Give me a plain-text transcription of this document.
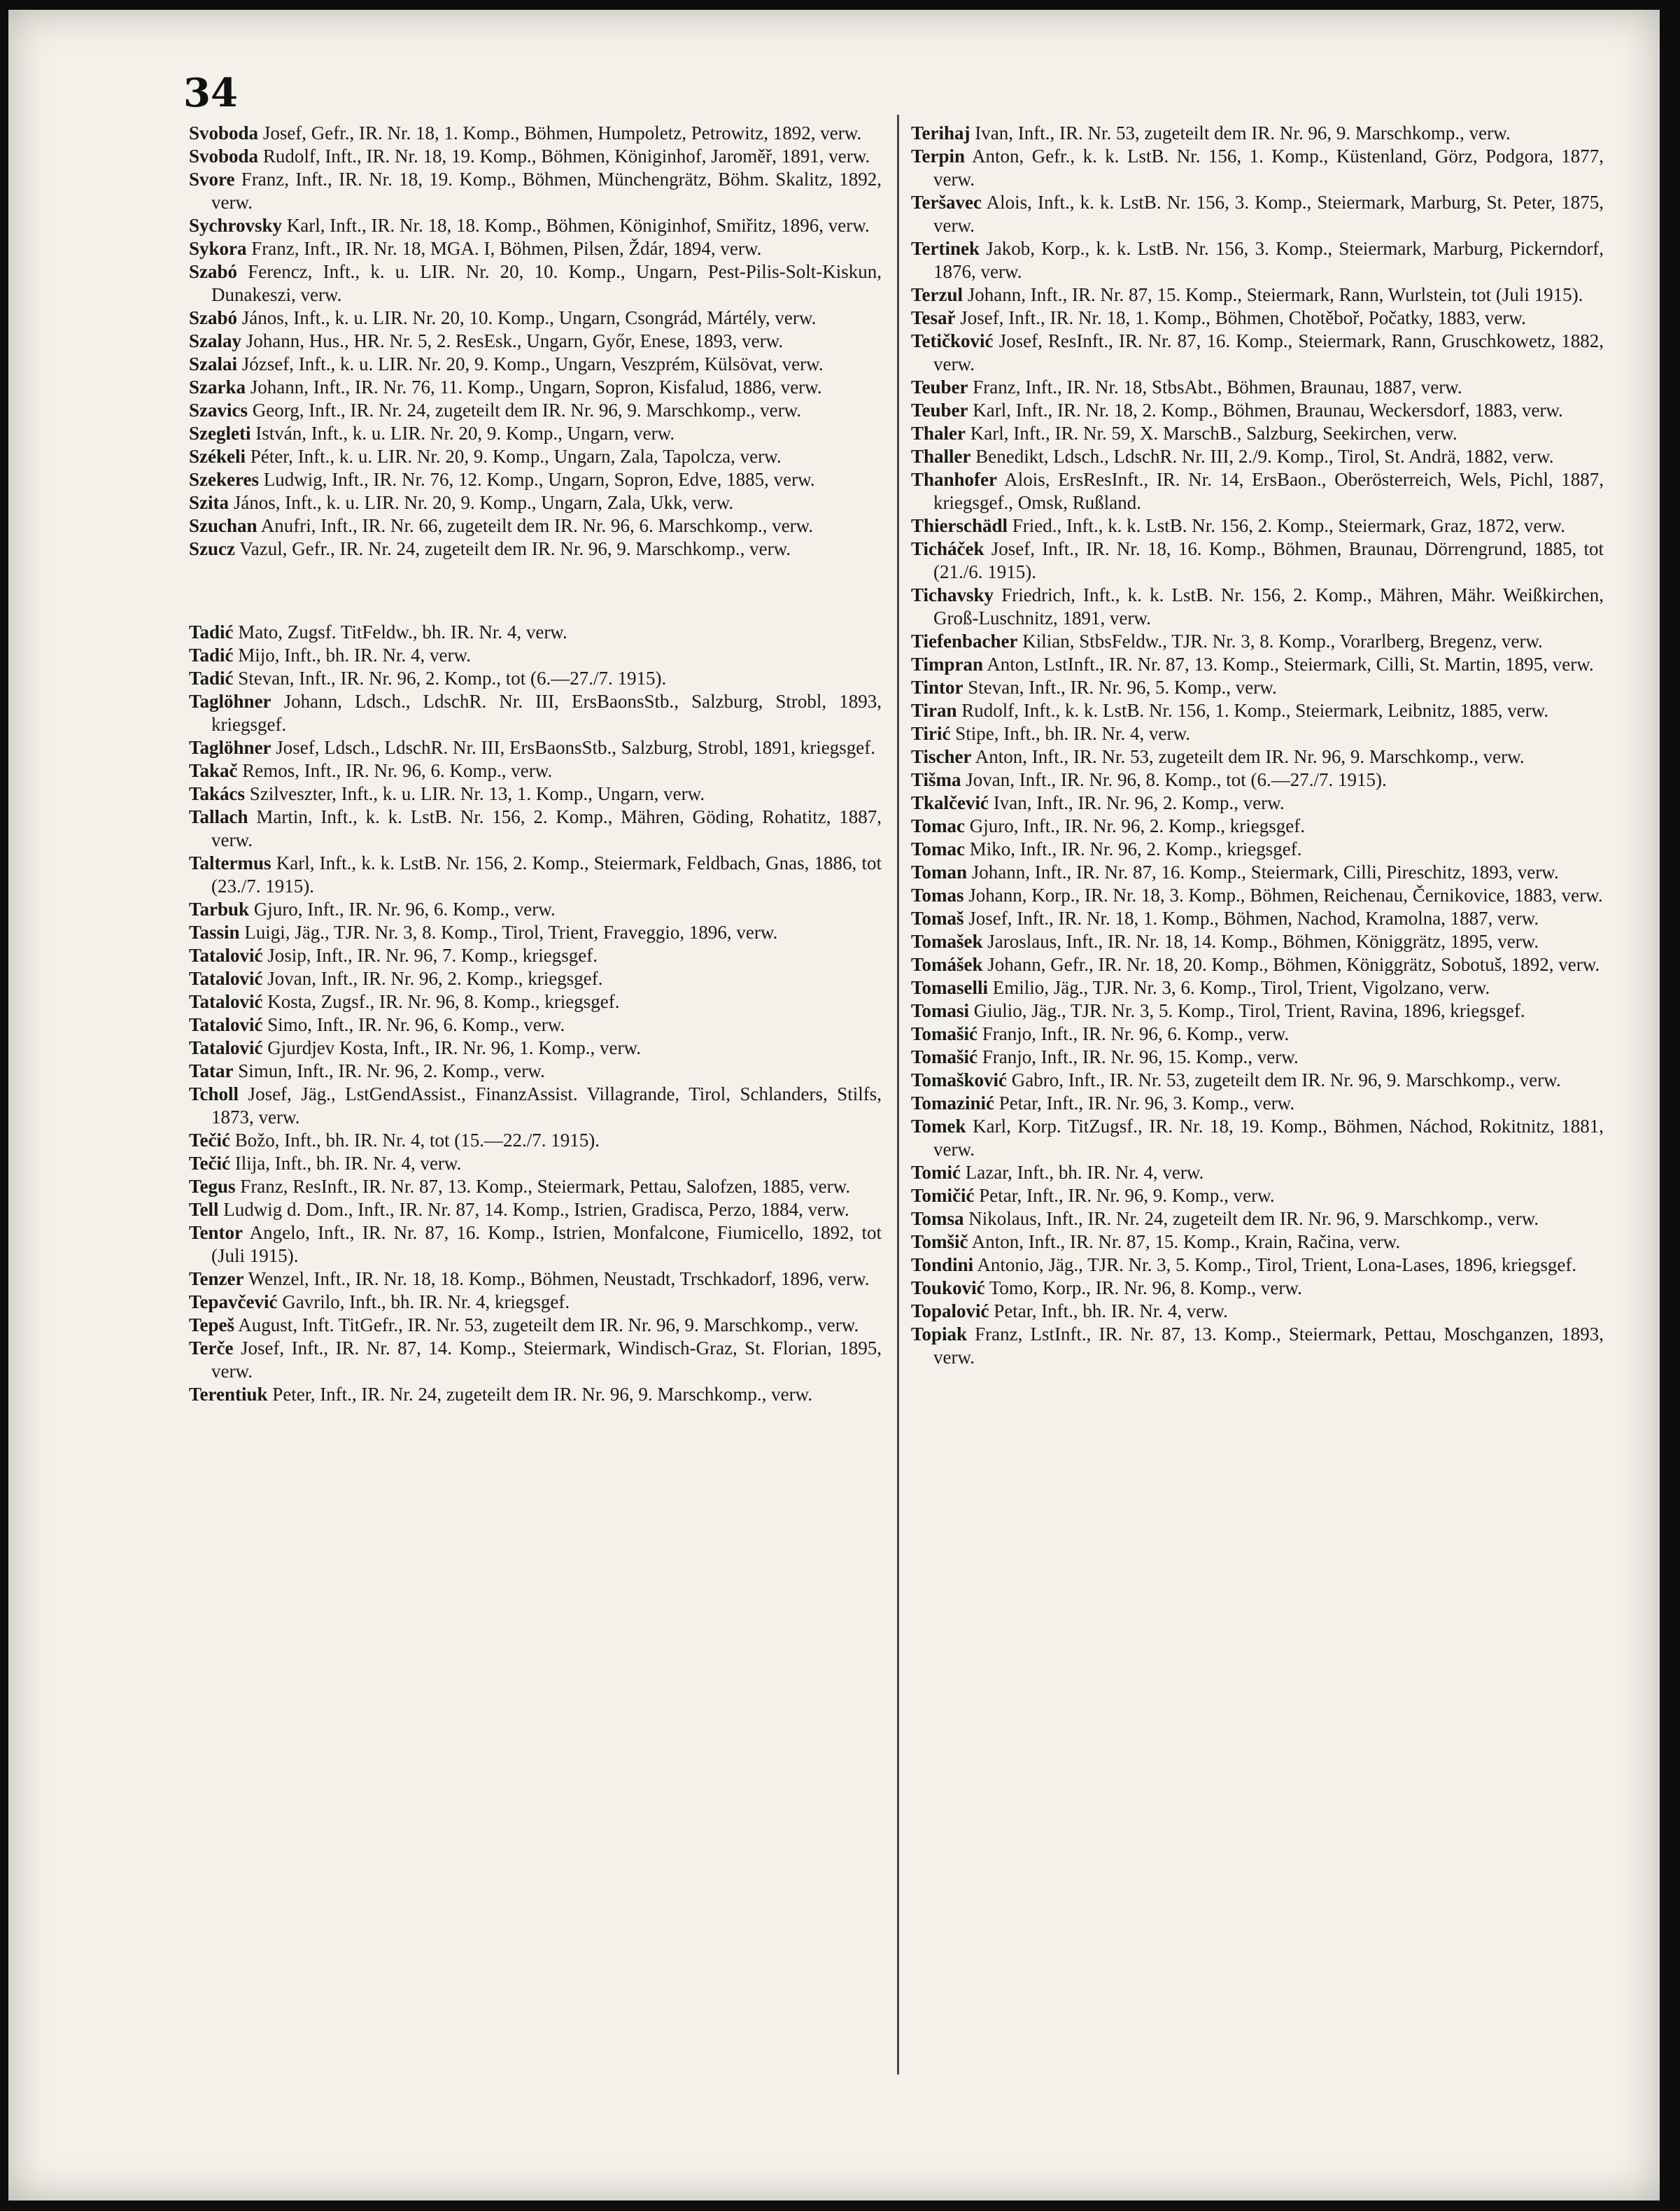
34
Svoboda Josef, Gefr., IR. Nr. 18, 1. Komp., Böhmen, Humpoletz, Petrowitz, 1892, verw.
Svoboda Rudolf, Inft., IR. Nr. 18, 19. Komp., Böhmen, Königinhof, Jaroměř, 1891, verw.
Svore Franz, Inft., IR. Nr. 18, 19. Komp., Böhmen, Münchengrätz, Böhm. Skalitz, 1892, verw.
Sychrovsky Karl, Inft., IR. Nr. 18, 18. Komp., Böhmen, Königinhof, Smiřitz, 1896, verw.
Sykora Franz, Inft., IR. Nr. 18, MGA. I, Böhmen, Pilsen, Ždár, 1894, verw.
Szabó Ferencz, Inft., k. u. LIR. Nr. 20, 10. Komp., Ungarn, Pest-Pilis-Solt-Kiskun, Dunakeszi, verw.
Szabó János, Inft., k. u. LIR. Nr. 20, 10. Komp., Ungarn, Csongrád, Mártély, verw.
Szalay Johann, Hus., HR. Nr. 5, 2. ResEsk., Ungarn, Győr, Enese, 1893, verw.
Szalai József, Inft., k. u. LIR. Nr. 20, 9. Komp., Ungarn, Veszprém, Külsövat, verw.
Szarka Johann, Inft., IR. Nr. 76, 11. Komp., Ungarn, Sopron, Kisfalud, 1886, verw.
Szavics Georg, Inft., IR. Nr. 24, zugeteilt dem IR. Nr. 96, 9. Marschkomp., verw.
Szegleti István, Inft., k. u. LIR. Nr. 20, 9. Komp., Ungarn, verw.
Székeli Péter, Inft., k. u. LIR. Nr. 20, 9. Komp., Ungarn, Zala, Tapolcza, verw.
Szekeres Ludwig, Inft., IR. Nr. 76, 12. Komp., Ungarn, Sopron, Edve, 1885, verw.
Szita János, Inft., k. u. LIR. Nr. 20, 9. Komp., Ungarn, Zala, Ukk, verw.
Szuchan Anufri, Inft., IR. Nr. 66, zugeteilt dem IR. Nr. 96, 6. Marschkomp., verw.
Szucz Vazul, Gefr., IR. Nr. 24, zugeteilt dem IR. Nr. 96, 9. Marschkomp., verw.
Tadić Mato, Zugsf. TitFeldw., bh. IR. Nr. 4, verw.
Tadić Mijo, Inft., bh. IR. Nr. 4, verw.
Tadić Stevan, Inft., IR. Nr. 96, 2. Komp., tot (6.—27./7. 1915).
Taglöhner Johann, Ldsch., LdschR. Nr. III, ErsBaonsStb., Salzburg, Strobl, 1893, kriegsgef.
Taglöhner Josef, Ldsch., LdschR. Nr. III, ErsBaonsStb., Salzburg, Strobl, 1891, kriegsgef.
Takač Remos, Inft., IR. Nr. 96, 6. Komp., verw.
Takács Szilveszter, Inft., k. u. LIR. Nr. 13, 1. Komp., Ungarn, verw.
Tallach Martin, Inft., k. k. LstB. Nr. 156, 2. Komp., Mähren, Göding, Rohatitz, 1887, verw.
Taltermus Karl, Inft., k. k. LstB. Nr. 156, 2. Komp., Steiermark, Feldbach, Gnas, 1886, tot (23./7. 1915).
Tarbuk Gjuro, Inft., IR. Nr. 96, 6. Komp., verw.
Tassin Luigi, Jäg., TJR. Nr. 3, 8. Komp., Tirol, Trient, Fraveggio, 1896, verw.
Tatalović Josip, Inft., IR. Nr. 96, 7. Komp., kriegsgef.
Tatalović Jovan, Inft., IR. Nr. 96, 2. Komp., kriegsgef.
Tatalović Kosta, Zugsf., IR. Nr. 96, 8. Komp., kriegsgef.
Tatalović Simo, Inft., IR. Nr. 96, 6. Komp., verw.
Tatalović Gjurdjev Kosta, Inft., IR. Nr. 96, 1. Komp., verw.
Tatar Simun, Inft., IR. Nr. 96, 2. Komp., verw.
Tcholl Josef, Jäg., LstGendAssist., FinanzAssist. Villagrande, Tirol, Schlanders, Stilfs, 1873, verw.
Tečić Božo, Inft., bh. IR. Nr. 4, tot (15.—22./7. 1915).
Tečić Ilija, Inft., bh. IR. Nr. 4, verw.
Tegus Franz, ResInft., IR. Nr. 87, 13. Komp., Steiermark, Pettau, Salofzen, 1885, verw.
Tell Ludwig d. Dom., Inft., IR. Nr. 87, 14. Komp., Istrien, Gradisca, Perzo, 1884, verw.
Tentor Angelo, Inft., IR. Nr. 87, 16. Komp., Istrien, Monfalcone, Fiumicello, 1892, tot (Juli 1915).
Tenzer Wenzel, Inft., IR. Nr. 18, 18. Komp., Böhmen, Neustadt, Trschkadorf, 1896, verw.
Tepavčević Gavrilo, Inft., bh. IR. Nr. 4, kriegsgef.
Tepeš August, Inft. TitGefr., IR. Nr. 53, zugeteilt dem IR. Nr. 96, 9. Marschkomp., verw.
Terče Josef, Inft., IR. Nr. 87, 14. Komp., Steiermark, Windisch-Graz, St. Florian, 1895, verw.
Terentiuk Peter, Inft., IR. Nr. 24, zugeteilt dem IR. Nr. 96, 9. Marschkomp., verw.
Terihaj Ivan, Inft., IR. Nr. 53, zugeteilt dem IR. Nr. 96, 9. Marschkomp., verw.
Terpin Anton, Gefr., k. k. LstB. Nr. 156, 1. Komp., Küstenland, Görz, Podgora, 1877, verw.
Teršavec Alois, Inft., k. k. LstB. Nr. 156, 3. Komp., Steiermark, Marburg, St. Peter, 1875, verw.
Tertinek Jakob, Korp., k. k. LstB. Nr. 156, 3. Komp., Steiermark, Marburg, Pickerndorf, 1876, verw.
Terzul Johann, Inft., IR. Nr. 87, 15. Komp., Steiermark, Rann, Wurlstein, tot (Juli 1915).
Tesař Josef, Inft., IR. Nr. 18, 1. Komp., Böhmen, Chotěboř, Počatky, 1883, verw.
Tetičković Josef, ResInft., IR. Nr. 87, 16. Komp., Steiermark, Rann, Gruschkowetz, 1882, verw.
Teuber Franz, Inft., IR. Nr. 18, StbsAbt., Böhmen, Braunau, 1887, verw.
Teuber Karl, Inft., IR. Nr. 18, 2. Komp., Böhmen, Braunau, Weckersdorf, 1883, verw.
Thaler Karl, Inft., IR. Nr. 59, X. MarschB., Salzburg, Seekirchen, verw.
Thaller Benedikt, Ldsch., LdschR. Nr. III, 2./9. Komp., Tirol, St. Andrä, 1882, verw.
Thanhofer Alois, ErsResInft., IR. Nr. 14, ErsBaon., Oberösterreich, Wels, Pichl, 1887, kriegsgef., Omsk, Rußland.
Thierschädl Fried., Inft., k. k. LstB. Nr. 156, 2. Komp., Steiermark, Graz, 1872, verw.
Ticháček Josef, Inft., IR. Nr. 18, 16. Komp., Böhmen, Braunau, Dörrengrund, 1885, tot (21./6. 1915).
Tichavsky Friedrich, Inft., k. k. LstB. Nr. 156, 2. Komp., Mähren, Mähr. Weißkirchen, Groß-Luschnitz, 1891, verw.
Tiefenbacher Kilian, StbsFeldw., TJR. Nr. 3, 8. Komp., Vorarlberg, Bregenz, verw.
Timpran Anton, LstInft., IR. Nr. 87, 13. Komp., Steiermark, Cilli, St. Martin, 1895, verw.
Tintor Stevan, Inft., IR. Nr. 96, 5. Komp., verw.
Tiran Rudolf, Inft., k. k. LstB. Nr. 156, 1. Komp., Steiermark, Leibnitz, 1885, verw.
Tirić Stipe, Inft., bh. IR. Nr. 4, verw.
Tischer Anton, Inft., IR. Nr. 53, zugeteilt dem IR. Nr. 96, 9. Marschkomp., verw.
Tišma Jovan, Inft., IR. Nr. 96, 8. Komp., tot (6.—27./7. 1915).
Tkalčević Ivan, Inft., IR. Nr. 96, 2. Komp., verw.
Tomac Gjuro, Inft., IR. Nr. 96, 2. Komp., kriegsgef.
Tomac Miko, Inft., IR. Nr. 96, 2. Komp., kriegsgef.
Toman Johann, Inft., IR. Nr. 87, 16. Komp., Steiermark, Cilli, Pireschitz, 1893, verw.
Tomas Johann, Korp., IR. Nr. 18, 3. Komp., Böhmen, Reichenau, Černikovice, 1883, verw.
Tomaš Josef, Inft., IR. Nr. 18, 1. Komp., Böhmen, Nachod, Kramolna, 1887, verw.
Tomašek Jaroslaus, Inft., IR. Nr. 18, 14. Komp., Böhmen, Königgrätz, 1895, verw.
Tomášek Johann, Gefr., IR. Nr. 18, 20. Komp., Böhmen, Königgrätz, Sobotuš, 1892, verw.
Tomaselli Emilio, Jäg., TJR. Nr. 3, 6. Komp., Tirol, Trient, Vigolzano, verw.
Tomasi Giulio, Jäg., TJR. Nr. 3, 5. Komp., Tirol, Trient, Ravina, 1896, kriegsgef.
Tomašić Franjo, Inft., IR. Nr. 96, 6. Komp., verw.
Tomašić Franjo, Inft., IR. Nr. 96, 15. Komp., verw.
Tomašković Gabro, Inft., IR. Nr. 53, zugeteilt dem IR. Nr. 96, 9. Marschkomp., verw.
Tomazinić Petar, Inft., IR. Nr. 96, 3. Komp., verw.
Tomek Karl, Korp. TitZugsf., IR. Nr. 18, 19. Komp., Böhmen, Náchod, Rokitnitz, 1881, verw.
Tomić Lazar, Inft., bh. IR. Nr. 4, verw.
Tomičić Petar, Inft., IR. Nr. 96, 9. Komp., verw.
Tomsa Nikolaus, Inft., IR. Nr. 24, zugeteilt dem IR. Nr. 96, 9. Marschkomp., verw.
Tomšič Anton, Inft., IR. Nr. 87, 15. Komp., Krain, Račina, verw.
Tondini Antonio, Jäg., TJR. Nr. 3, 5. Komp., Tirol, Trient, Lona-Lases, 1896, kriegsgef.
Touković Tomo, Korp., IR. Nr. 96, 8. Komp., verw.
Topalović Petar, Inft., bh. IR. Nr. 4, verw.
Topiak Franz, LstInft., IR. Nr. 87, 13. Komp., Steiermark, Pettau, Moschganzen, 1893, verw.
